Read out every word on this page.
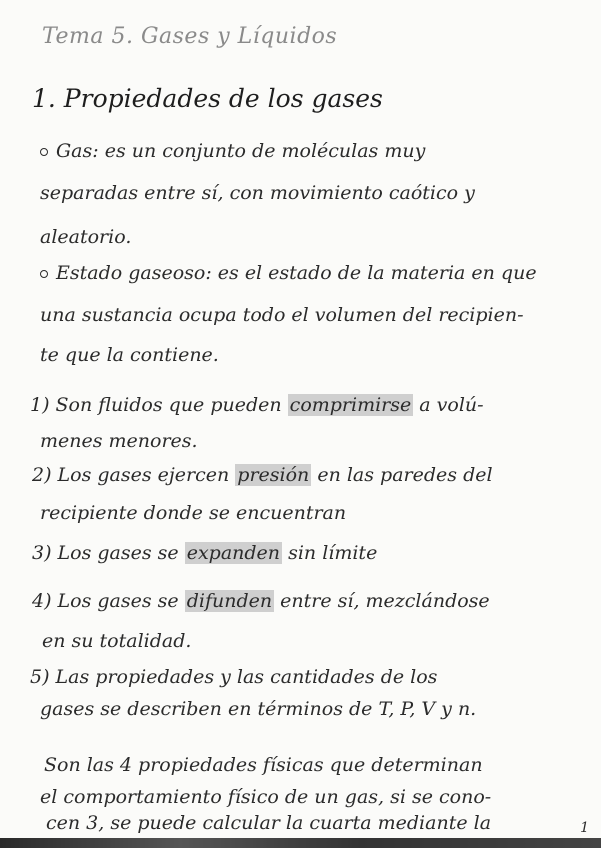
Tema 5. Gases y Líquidos
1. Propiedades de los gases
Gas: es un conjunto de moléculas muy
separadas entre sí, con movimiento caótico y
aleatorio.
Estado gaseoso: es el estado de la materia en que
una sustancia ocupa todo el volumen del recipien-
te que la contiene.
1) Son fluidos que pueden comprimirse a volú-
menes menores.
2) Los gases ejercen presión en las paredes del
recipiente donde se encuentran
3) Los gases se expanden sin límite
4) Los gases se difunden entre sí, mezclándose
en su totalidad.
5) Las propiedades y las cantidades de los
gases se describen en términos de T, P, V y n.
Son las 4 propiedades físicas que determinan
el comportamiento físico de un gas, si se cono-
cen 3, se puede calcular la cuarta mediante la	1
